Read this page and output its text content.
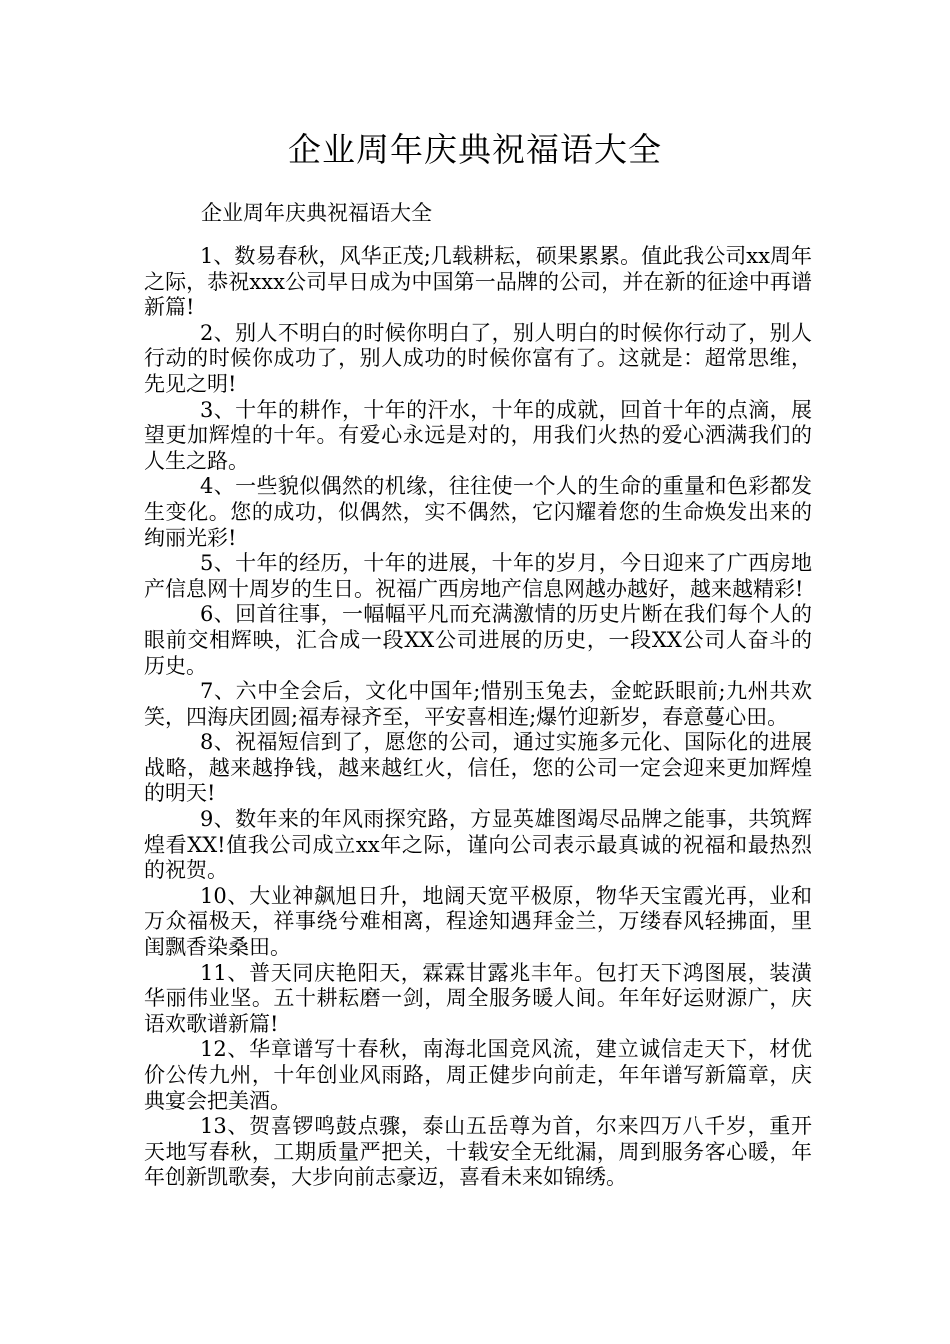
企业周年庆典祝福语大全

企业周年庆典祝福语大全

1、数易春秋，风华正茂;几载耕耘，硕果累累。值此我公司xx周年之际，恭祝xxx公司早日成为中国第一品牌的公司，并在新的征途中再谱新篇!

2、别人不明白的时候你明白了，别人明白的时候你行动了，别人行动的时候你成功了，别人成功的时候你富有了。这就是：超常思维，先见之明!

3、十年的耕作，十年的汗水，十年的成就，回首十年的点滴，展望更加辉煌的十年。有爱心永远是对的，用我们火热的爱心洒满我们的人生之路。

4、一些貌似偶然的机缘，往往使一个人的生命的重量和色彩都发生变化。您的成功，似偶然，实不偶然，它闪耀着您的生命焕发出来的绚丽光彩!

5、十年的经历，十年的进展，十年的岁月，今日迎来了广西房地产信息网十周岁的生日。祝福广西房地产信息网越办越好，越来越精彩!

6、回首往事，一幅幅平凡而充满激情的历史片断在我们每个人的眼前交相辉映，汇合成一段XX公司进展的历史，一段XX公司人奋斗的历史。

7、六中全会后，文化中国年;惜别玉兔去，金蛇跃眼前;九州共欢笑，四海庆团圆;福寿禄齐至，平安喜相连;爆竹迎新岁，春意蔓心田。

8、祝福短信到了，愿您的公司，通过实施多元化、国际化的进展战略，越来越挣钱，越来越红火，信任，您的公司一定会迎来更加辉煌的明天!

9、数年来的年风雨探究路，方显英雄图竭尽品牌之能事，共筑辉煌看XX!值我公司成立xx年之际，谨向公司表示最真诚的祝福和最热烈的祝贺。

10、大业神飙旭日升，地阔天宽平极原，物华天宝霞光再，业和万众福极天，祥事绕兮难相离，程途知遇拜金兰，万缕春风轻拂面，里闺飘香染桑田。

11、普天同庆艳阳天，霖霖甘露兆丰年。包打天下鸿图展，装潢华丽伟业坚。五十耕耘磨一剑，周全服务暖人间。年年好运财源广，庆语欢歌谱新篇!

12、华章谱写十春秋，南海北国竞风流，建立诚信走天下，材优价公传九州，十年创业风雨路，周正健步向前走，年年谱写新篇章，庆典宴会把美酒。

13、贺喜锣鸣鼓点骤，泰山五岳尊为首，尔来四万八千岁，重开天地写春秋，工期质量严把关，十载安全无纰漏，周到服务客心暖，年年创新凯歌奏，大步向前志豪迈，喜看未来如锦绣。
